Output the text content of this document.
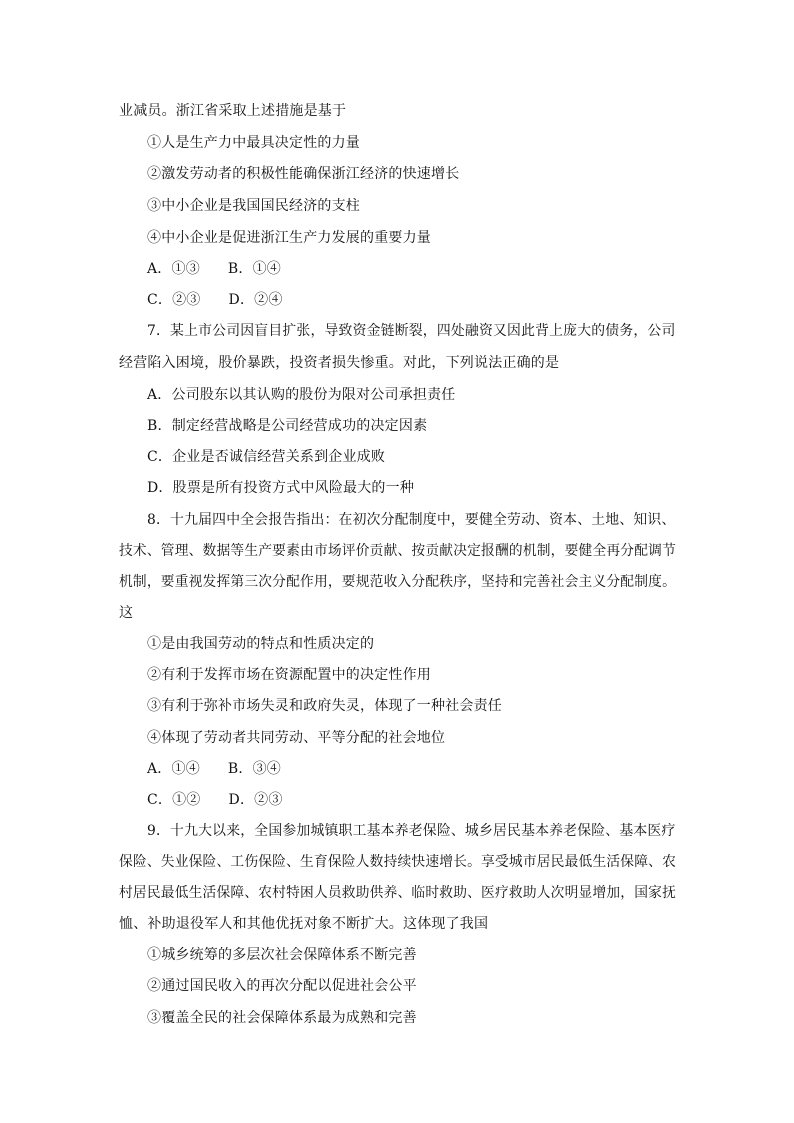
业减员。浙江省采取上述措施是基于
①人是生产力中最具决定性的力量
②激发劳动者的积极性能确保浙江经济的快速增长
③中小企业是我国国民经济的支柱
④中小企业是促进浙江生产力发展的重要力量
A．①③ B．①④
C．②③ D．②④
7．某上市公司因盲目扩张，导致资金链断裂，四处融资又因此背上庞大的债务，公司
经营陷入困境，股价暴跌，投资者损失惨重。对此，下列说法正确的是
A．公司股东以其认购的股份为限对公司承担责任
B．制定经营战略是公司经营成功的决定因素
C．企业是否诚信经营关系到企业成败
D．股票是所有投资方式中风险最大的一种
8．十九届四中全会报告指出：在初次分配制度中，要健全劳动、资本、土地、知识、
技术、管理、数据等生产要素由市场评价贡献、按贡献决定报酬的机制，要健全再分配调节
机制，要重视发挥第三次分配作用，要规范收入分配秩序，坚持和完善社会主义分配制度。
这
①是由我国劳动的特点和性质决定的
②有利于发挥市场在资源配置中的决定性作用
③有利于弥补市场失灵和政府失灵，体现了一种社会责任
④体现了劳动者共同劳动、平等分配的社会地位
A．①④ B．③④
C．①② D．②③
9．十九大以来，全国参加城镇职工基本养老保险、城乡居民基本养老保险、基本医疗
保险、失业保险、工伤保险、生育保险人数持续快速增长。享受城市居民最低生活保障、农
村居民最低生活保障、农村特困人员救助供养、临时救助、医疗救助人次明显增加，国家抚
恤、补助退役军人和其他优抚对象不断扩大。这体现了我国
①城乡统筹的多层次社会保障体系不断完善
②通过国民收入的再次分配以促进社会公平
③覆盖全民的社会保障体系最为成熟和完善
